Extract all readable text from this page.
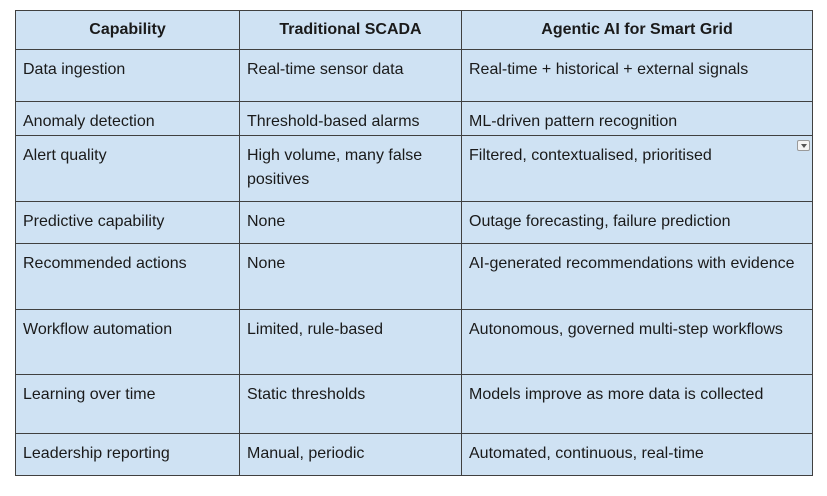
Capability	Traditional SCADA	Agentic AI for Smart Grid
Data ingestion	Real-time sensor data	Real-time + historical + external signals
Anomaly detection	Threshold-based alarms	ML-driven pattern recognition
Alert quality	High volume, many false positives	Filtered, contextualised, prioritised

Predictive capability	None	Outage forecasting, failure prediction
Recommended actions	None	AI-generated recommendations with evidence
Workflow automation	Limited, rule-based	Autonomous, governed multi-step workflows
Learning over time	Static thresholds	Models improve as more data is collected
Leadership reporting	Manual, periodic	Automated, continuous, real-time
